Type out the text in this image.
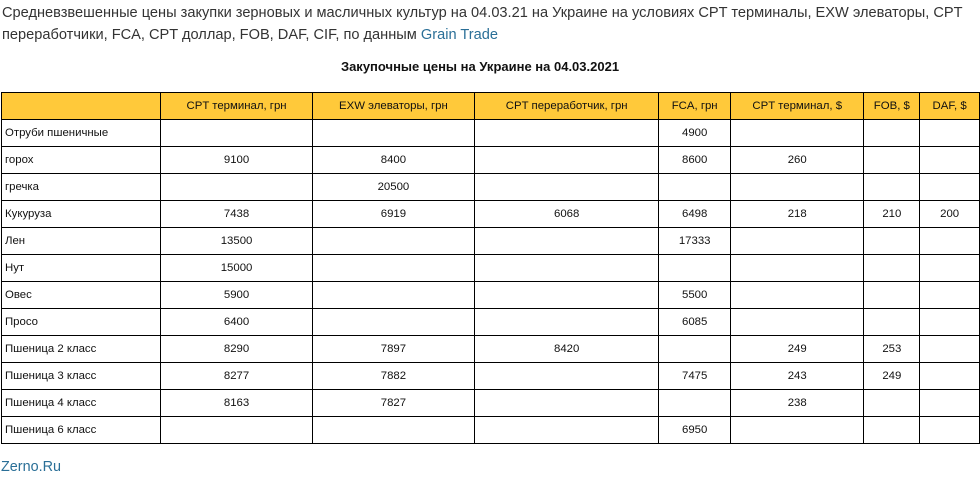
Средневзвешенные цены закупки зерновых и масличных культур на 04.03.21 на Украине на условиях CPT терминалы, EXW элеваторы, CPT переработчики, FCA, CPT доллар, FOB, DAF, CIF, по данным Grain Trade
Закупочные цены на Украине на 04.03.2021
	CPT терминал, грн	EXW элеваторы, грн	CPT переработчик, грн	FCA, грн	CPT терминал, $	FOB, $	DAF, $
Отруби пшеничные				4900			
горох	9100	8400		8600	260		
гречка		20500					
Кукуруза	7438	6919	6068	6498	218	210	200
Лен	13500			17333			
Нут	15000						
Овес	5900			5500			
Просо	6400			6085			
Пшеница 2 класс	8290	7897	8420		249	253	
Пшеница 3 класс	8277	7882		7475	243	249	
Пшеница 4 класс	8163	7827			238		
Пшеница 6 класс				6950			
Zerno.Ru
